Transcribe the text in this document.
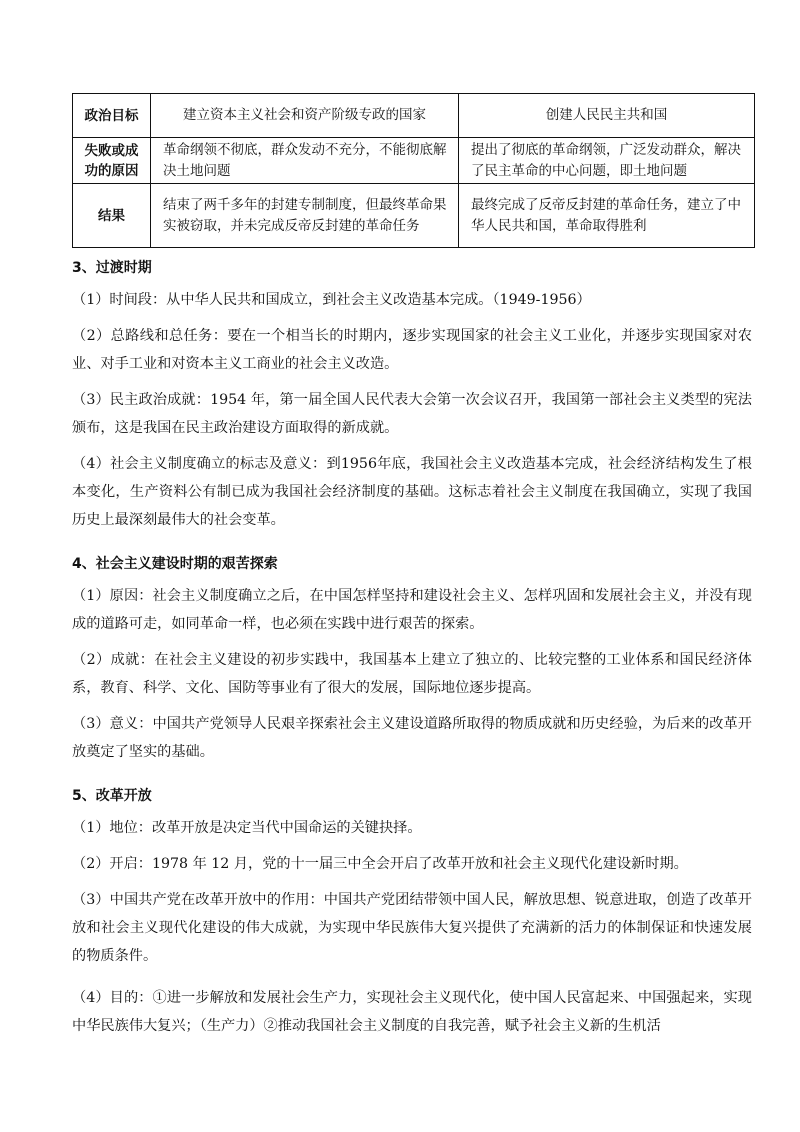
政治目标	建立资本主义社会和资产阶级专政的国家	创建人民民主共和国
失败或成功的原因	革命纲领不彻底，群众发动不充分，不能彻底解决土地问题	提出了彻底的革命纲领，广泛发动群众，解决了民主革命的中心问题，即土地问题
结果	结束了两千多年的封建专制制度，但最终革命果实被窃取，并未完成反帝反封建的革命任务	最终完成了反帝反封建的革命任务，建立了中华人民共和国，革命取得胜利
3、过渡时期
（1）时间段：从中华人民共和国成立，到社会主义改造基本完成。（1949-1956）
（2）总路线和总任务：要在一个相当长的时期内，逐步实现国家的社会主义工业化，并逐步实现国家对农业、对手工业和对资本主义工商业的社会主义改造。
（3）民主政治成就：1954 年，第一届全国人民代表大会第一次会议召开，我国第一部社会主义类型的宪法颁布，这是我国在民主政治建设方面取得的新成就。
（4）社会主义制度确立的标志及意义：到1956年底，我国社会主义改造基本完成，社会经济结构发生了根本变化，生产资料公有制已成为我国社会经济制度的基础。这标志着社会主义制度在我国确立，实现了我国历史上最深刻最伟大的社会变革。
4、社会主义建设时期的艰苦探索
（1）原因：社会主义制度确立之后，在中国怎样坚持和建设社会主义、怎样巩固和发展社会主义，并没有现成的道路可走，如同革命一样，也必须在实践中进行艰苦的探索。
（2）成就：在社会主义建设的初步实践中，我国基本上建立了独立的、比较完整的工业体系和国民经济体系，教育、科学、文化、国防等事业有了很大的发展，国际地位逐步提高。
（3）意义：中国共产党领导人民艰辛探索社会主义建设道路所取得的物质成就和历史经验，为后来的改革开放奠定了坚实的基础。
5、改革开放
（1）地位：改革开放是决定当代中国命运的关键抉择。
（2）开启：1978 年 12 月，党的十一届三中全会开启了改革开放和社会主义现代化建设新时期。
（3）中国共产党在改革开放中的作用：中国共产党团结带领中国人民，解放思想、锐意进取，创造了改革开放和社会主义现代化建设的伟大成就，为实现中华民族伟大复兴提供了充满新的活力的体制保证和快速发展的物质条件。
（4）目的：①进一步解放和发展社会生产力，实现社会主义现代化，使中国人民富起来、中国强起来，实现中华民族伟大复兴；（生产力）②推动我国社会主义制度的自我完善，赋予社会主义新的生机活
